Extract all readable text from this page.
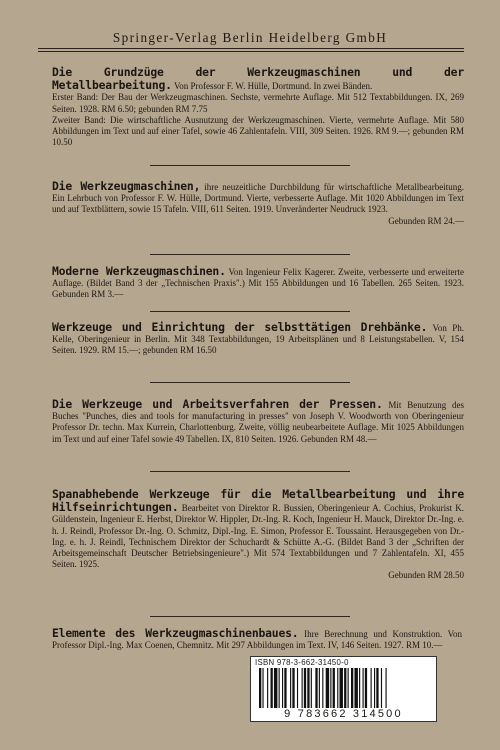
Springer-Verlag Berlin Heidelberg GmbH
Die Grundzüge der Werkzeugmaschinen und der Metallbearbeitung. Von Professor F. W. Hülle, Dortmund. In zwei Bänden.
Erster Band: Der Bau der Werkzeugmaschinen. Sechste, vermehrte Auflage. Mit 512 Textabbildungen. IX, 269 Seiten. 1928. RM 6.50; gebunden RM 7.75
Zweiter Band: Die wirtschaftliche Ausnutzung der Werkzeugmaschinen. Vierte, vermehrte Auflage. Mit 580 Abbildungen im Text und auf einer Tafel, sowie 46 Zahlentafeln. VIII, 309 Seiten. 1926. RM 9.—; gebunden RM 10.50
Die Werkzeugmaschinen, ihre neuzeitliche Durchbildung für wirtschaftliche Metallbearbeitung. Ein Lehrbuch von Professor F. W. Hülle, Dortmund. Vierte, verbesserte Auflage. Mit 1020 Abbildungen im Text und auf Textblättern, sowie 15 Tafeln. VIII, 611 Seiten. 1919. Unveränderter Neudruck 1923.
Gebunden RM 24.—
Moderne Werkzeugmaschinen. Von Ingenieur Felix Kagerer. Zweite, verbesserte und erweiterte Auflage. (Bildet Band 3 der „Technischen Praxis".) Mit 155 Abbildungen und 16 Tabellen. 265 Seiten. 1923. Gebunden RM 3.—
Werkzeuge und Einrichtung der selbsttätigen Drehbänke. Von Ph. Kelle, Oberingenieur in Berlin. Mit 348 Textabbildungen, 19 Arbeitsplänen und 8 Leistungstabellen. V, 154 Seiten. 1929. RM 15.—; gebunden RM 16.50
Die Werkzeuge und Arbeitsverfahren der Pressen. Mit Benutzung des Buches "Punches, dies and tools for manufacturing in presses" von Joseph V. Woodworth von Oberingenieur Professor Dr. techn. Max Kurrein, Charlottenburg. Zweite, völlig neubearbeitete Auflage. Mit 1025 Abbildungen im Text und auf einer Tafel sowie 49 Tabellen. IX, 810 Seiten. 1926. Gebunden RM 48.—
Spanabhebende Werkzeuge für die Metallbearbeitung und ihre Hilfseinrichtungen. Bearbeitet von Direktor R. Bussien, Oberingenieur A. Cochius, Prokurist K. Güldenstein, Ingenieur E. Herbst, Direktor W. Hippler, Dr.-Ing. R. Koch, Ingenieur H. Mauck, Direktor Dr.-Ing. e. h. J. Reindl, Professor Dr.-Ing. O. Schmitz, Dipl.-Ing. E. Simon, Professor E. Toussaint. Herausgegeben von Dr.-Ing. e. h. J. Reindl, Technischem Direktor der Schuchardt & Schütte A.-G. (Bildet Band 3 der „Schriften der Arbeitsgemeinschaft Deutscher Betriebsingenieure".) Mit 574 Textabbildungen und 7 Zahlentafeln. XI, 455 Seiten. 1925.
Gebunden RM 28.50
Elemente des Werkzeugmaschinenbaues. Ihre Berechnung und Konstruktion. Von Professor Dipl.-Ing. Max Coenen, Chemnitz. Mit 297 Abbildungen im Text. IV, 146 Seiten. 1927. RM 10.—
ISBN 978-3-662-31450-0
9 783662 314500
